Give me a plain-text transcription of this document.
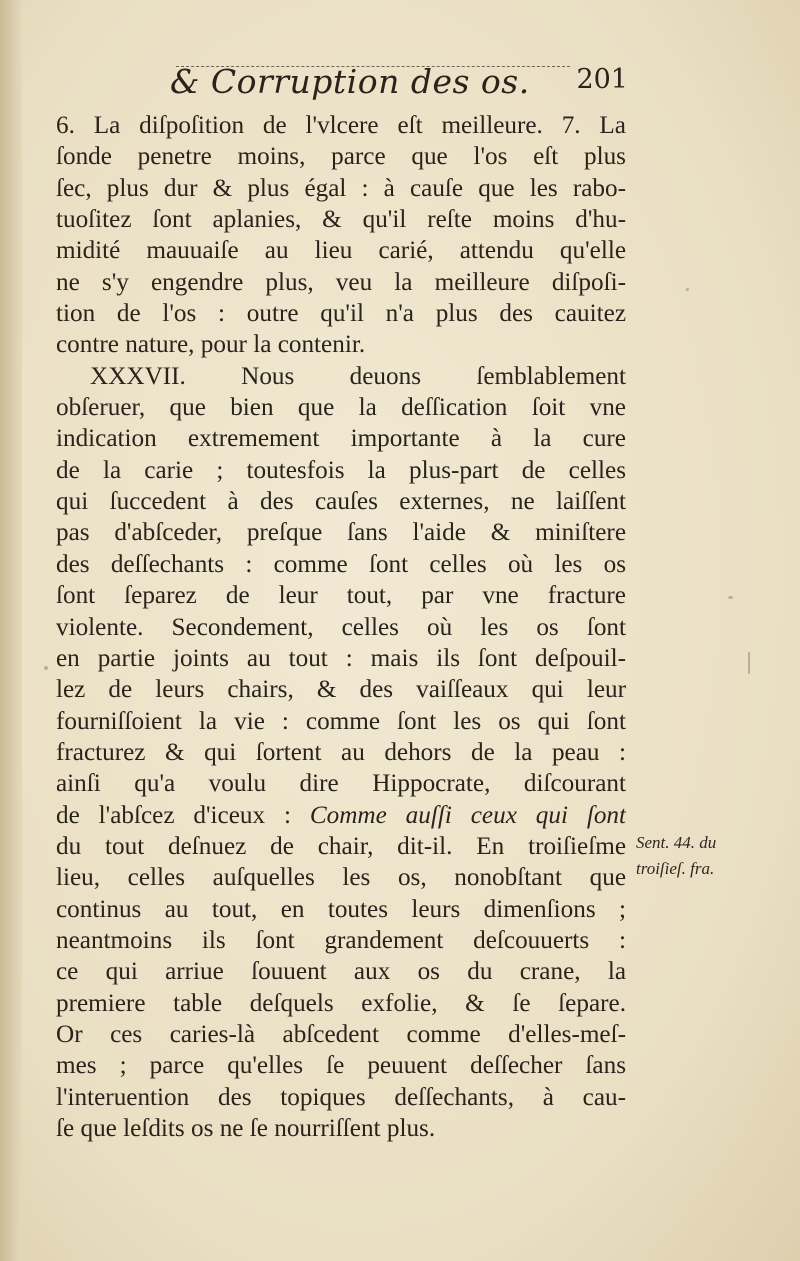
& Corruption des os. 201
6. La diſpoſition de l'vlcere eſt meilleure. 7. La
ſonde penetre moins, parce que l'os eſt plus
ſec, plus dur & plus égal : à cauſe que les rabo-
tuoſitez ſont aplanies, & qu'il reſte moins d'hu-
midité mauuaiſe au lieu carié, attendu qu'elle
ne s'y engendre plus, veu la meilleure diſpoſi-
tion de l'os : outre qu'il n'a plus des cauitez
contre nature, pour la contenir.
XXXVII. Nous deuons ſemblablement
obſeruer, que bien que la deſſication ſoit vne
indication extremement importante à la cure
de la carie ; toutesfois la plus-part de celles
qui ſuccedent à des cauſes externes, ne laiſſent
pas d'abſceder, preſque ſans l'aide & miniſtere
des deſſechants : comme ſont celles où les os
ſont ſeparez de leur tout, par vne fracture
violente. Secondement, celles où les os ſont
en partie joints au tout : mais ils ſont deſpouil-
lez de leurs chairs, & des vaiſſeaux qui leur
fourniſſoient la vie : comme ſont les os qui ſont
fracturez & qui ſortent au dehors de la peau :
ainſi qu'a voulu dire Hippocrate, diſcourant
de l'abſcez d'iceux : Comme auſſi ceux qui ſont
du tout deſnuez de chair, dit-il. En troiſieſme
lieu, celles auſquelles les os, nonobſtant que
continus au tout, en toutes leurs dimenſions ;
neantmoins ils ſont grandement deſcouuerts :
ce qui arriue ſouuent aux os du crane, la
premiere table deſquels exfolie, & ſe ſepare.
Or ces caries-là abſcedent comme d'elles-meſ-
mes ; parce qu'elles ſe peuuent deſſecher ſans
l'interuention des topiques deſſechants, à cau-
ſe que leſdits os ne ſe nourriſſent plus.
Sent. 44. du
troiſieſ. fra.
